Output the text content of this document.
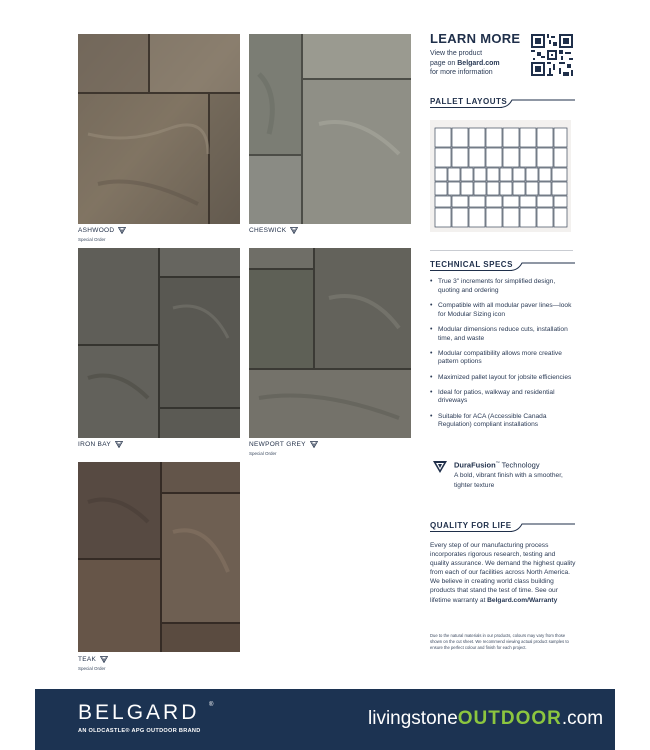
ASHWOOD
Special Order
CHESWICK
IRON BAY	NEWPORT GREY
Special Order
TEAK
Special Order
LEARN MORE
View the product
page on Belgard.com
for more information
PALLET LAYOUTS
TECHNICAL SPECS
• True 3" increments for simplified design, quoting and ordering
• Compatible with all modular paver lines—look for Modular Sizing icon
• Modular dimensions reduce cuts, installation time, and waste
• Modular compatibility allows more creative pattern options
• Maximized pallet layout for jobsite efficiencies
• Ideal for patios, walkway and residential driveways
• Suitable for ACA (Accessible Canada Regulation) compliant installations
DuraFusion™ Technology
A bold, vibrant finish with a smoother, tighter texture
QUALITY FOR LIFE
Every step of our manufacturing process incorporates rigorous research, testing and quality assurance. We demand the highest quality from each of our facilities across North America. We believe in creating world class building products that stand the test of time. See our lifetime warranty at Belgard.com/Warranty
Due to the natural materials in our products, colours may vary from those shown on the cut sheet. We recommend viewing actual product samples to ensure the perfect colour and finish for each project.
BELGARD ®
AN OLDCASTLE® APG OUTDOOR BRAND
livingstoneOUTDOOR.com
